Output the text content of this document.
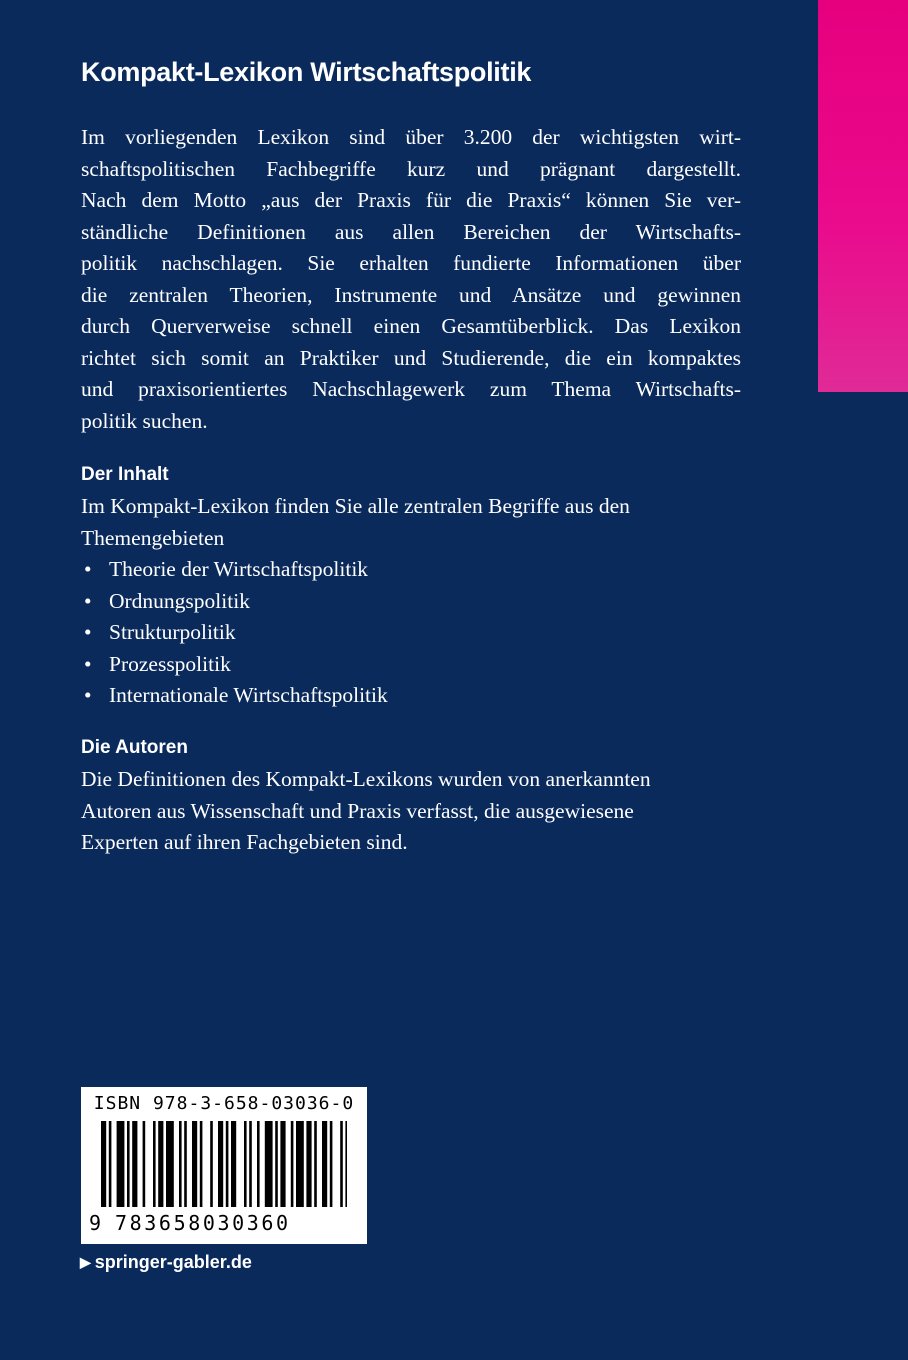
Kompakt-Lexikon Wirtschaftspolitik
Im vorliegenden Lexikon sind über 3.200 der wichtigsten wirt-
schaftspolitischen Fachbegriffe kurz und prägnant dargestellt.
Nach dem Motto „aus der Praxis für die Praxis“ können Sie ver-
ständliche Definitionen aus allen Bereichen der Wirtschafts-
politik nachschlagen. Sie erhalten fundierte Informationen über
die zentralen Theorien, Instrumente und Ansätze und gewinnen
durch Querverweise schnell einen Gesamtüberblick. Das Lexikon
richtet sich somit an Praktiker und Studierende, die ein kompaktes
und praxisorientiertes Nachschlagewerk zum Thema Wirtschafts-
politik suchen.
Der Inhalt
Im Kompakt-Lexikon finden Sie alle zentralen Begriffe aus den
Themengebieten
• Theorie der Wirtschaftspolitik
• Ordnungspolitik
• Strukturpolitik
• Prozesspolitik
• Internationale Wirtschaftspolitik
Die Autoren
Die Definitionen des Kompakt-Lexikons wurden von anerkannten
Autoren aus Wissenschaft und Praxis verfasst, die ausgewiesene
Experten auf ihren Fachgebieten sind.
ISBN 978-3-658-03036-0
9 783658030360
▶ springer-gabler.de
